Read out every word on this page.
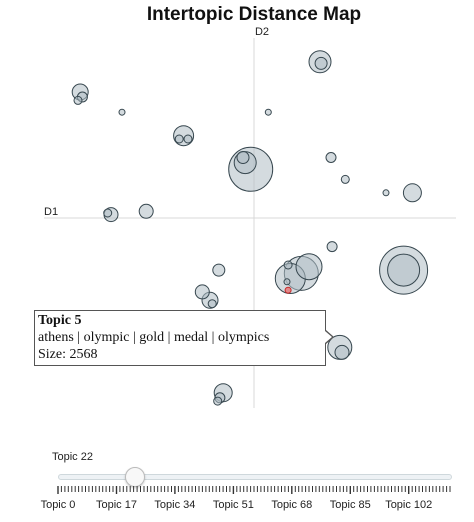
Intertopic Distance Map
D2
D1
Topic 5
athens | olympic | gold | medal | olympics
Size: 2568
Topic 22
Topic 0 Topic 17 Topic 34 Topic 51 Topic 68 Topic 85 Topic 102
